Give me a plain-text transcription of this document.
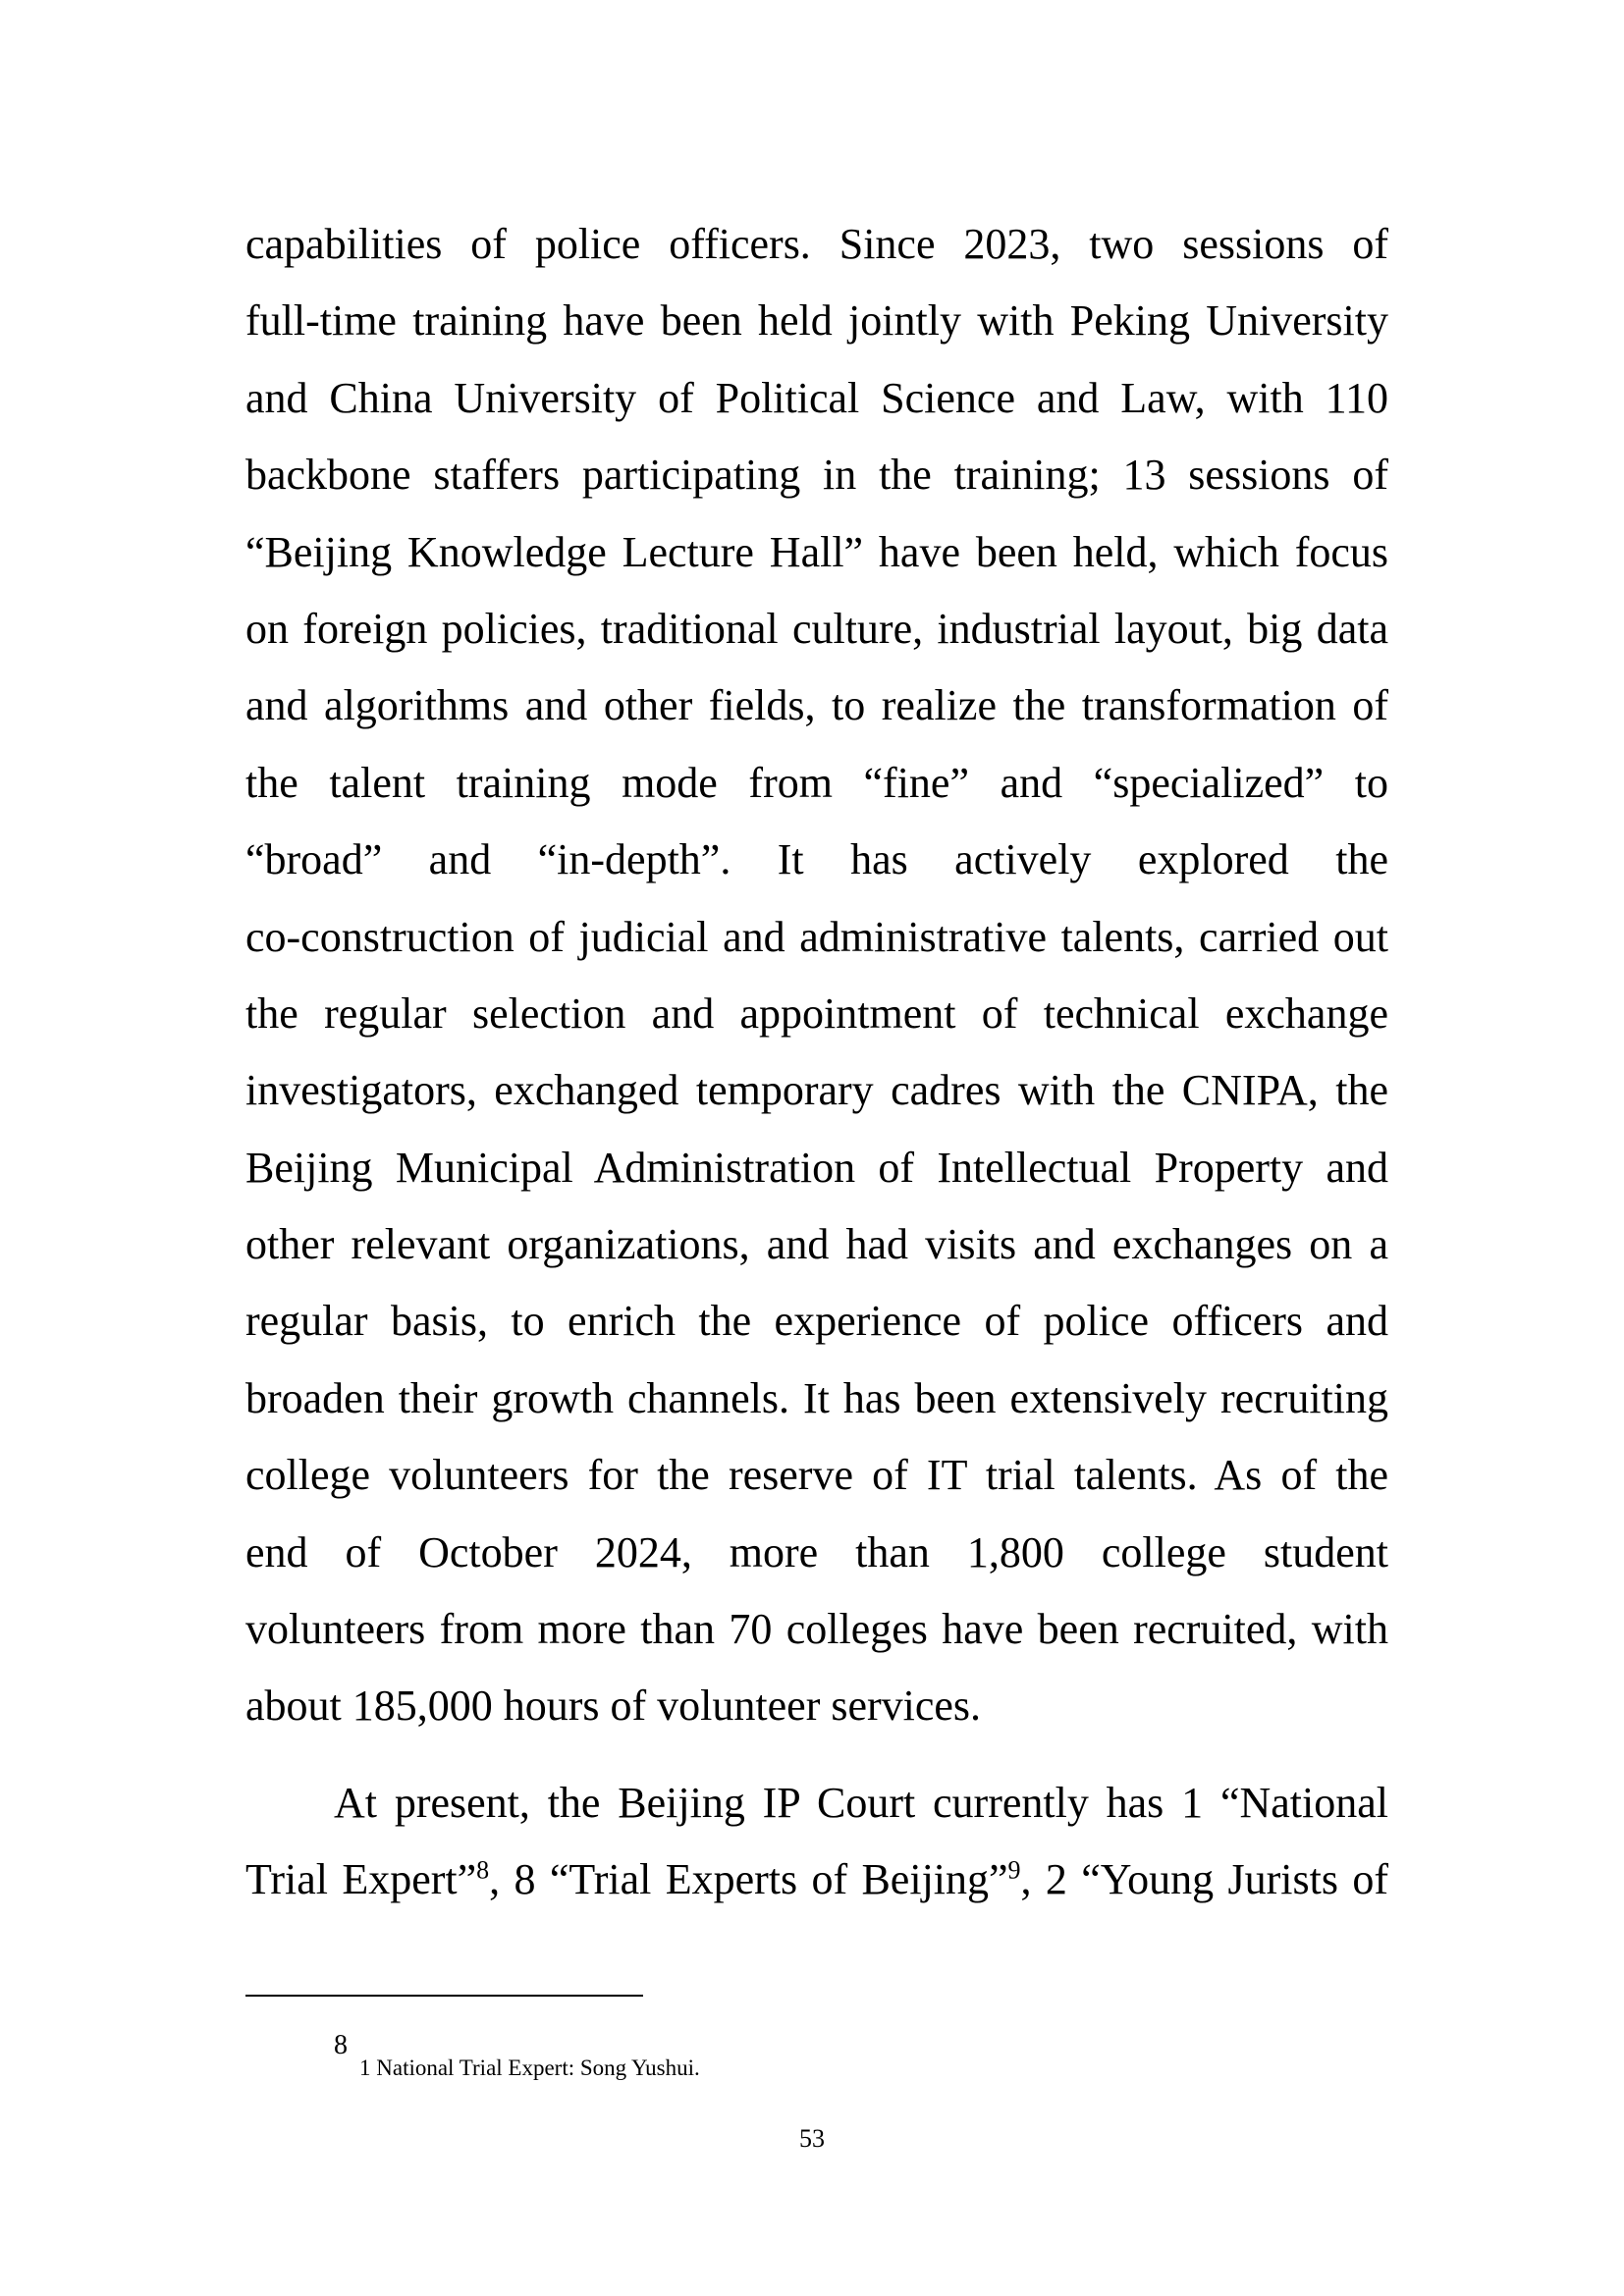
capabilities of police officers. Since 2023, two sessions of
full-time training have been held jointly with Peking University
and China University of Political Science and Law, with 110
backbone staffers participating in the training; 13 sessions of
“Beijing Knowledge Lecture Hall” have been held, which focus
on foreign policies, traditional culture, industrial layout, big data
and algorithms and other fields, to realize the transformation of
the talent training mode from “fine” and “specialized” to
“broad” and “in-depth”. It has actively explored the
co-construction of judicial and administrative talents, carried out
the regular selection and appointment of technical exchange
investigators, exchanged temporary cadres with the CNIPA, the
Beijing Municipal Administration of Intellectual Property and
other relevant organizations, and had visits and exchanges on a
regular basis, to enrich the experience of police officers and
broaden their growth channels. It has been extensively recruiting
college volunteers for the reserve of IT trial talents. As of the
end of October 2024, more than 1,800 college student
volunteers from more than 70 colleges have been recruited, with
about 185,000 hours of volunteer services.
At present, the Beijing IP Court currently has 1 “National
Trial Expert”$^8$, 8 “Trial Experts of Beijing”$^9$, 2 “Young Jurists of
8
1 National Trial Expert: Song Yushui.
53
